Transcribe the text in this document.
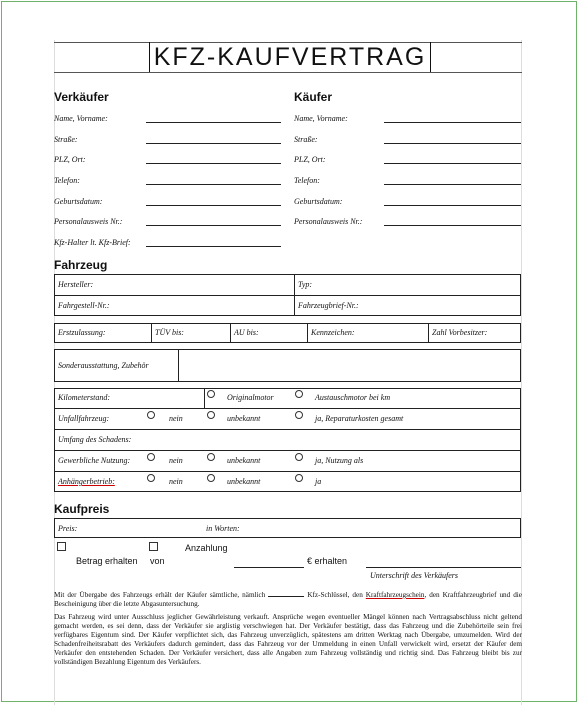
KFZ-KAUFVERTRAG
Verkäufer	Käufer
Name, Vorname:
Straße:
PLZ, Ort:
Telefon:
Geburtsdatum:
Personalausweis Nr.:
Kfz-Halter lt. Kfz-Brief:
Name, Vorname:
Straße:
PLZ, Ort:
Telefon:
Geburtsdatum:
Personalausweis Nr.:
Fahrzeug
Hersteller:	Typ:
Fahrgestell-Nr.:	Fahrzeugbrief-Nr.:
Erstzulassung:	TÜV bis:	AU bis:	Kennzeichen:	Zahl Vorbesitzer:
Sonderausstattung, Zubehör
Kilometerstand:	Originalmotor	Austauschmotor bei km
Unfallfahrzeug:	nein	unbekannt	ja, Reparaturkosten gesamt
Umfang des Schadens:
Gewerbliche Nutzung:	nein	unbekannt	ja, Nutzung als
Anhängerbetrieb:	nein	unbekannt	ja
Kaufpreis
Preis:	in Worten:
Anzahlung
Betrag erhalten von	€ erhalten
Unterschrift des Verkäufers
Mit der Übergabe des Fahrzeugs erhält der Käufer sämtliche, nämlich	Kfz-Schlüssel, den Kraftfahrzeugschein, den Kraftfahrzeugbrief und die Bescheinigung über die letzte Abgasuntersuchung.
Das Fahrzeug wird unter Ausschluss jeglicher Gewährleistung verkauft. Ansprüche wegen eventueller Mängel können nach Vertragsabschluss nicht geltend gemacht werden, es sei denn, dass der Verkäufer sie arglistig verschwiegen hat. Der Verkäufer bestätigt, dass das Fahrzeug und die Zubehörteile sein frei verfügbares Eigentum sind. Der Käufer verpflichtet sich, das Fahrzeug unverzüglich, spätestens am dritten Werktag nach Übergabe, umzumelden. Wird der Schadenfreiheitsrabatt des Verkäufers dadurch gemindert, dass das Fahrzeug vor der Ummeldung in einen Unfall verwickelt wird, ersetzt der Käufer dem Verkäufer den entstehenden Schaden. Der Verkäufer versichert, dass alle Angaben zum Fahrzeug vollständig und richtig sind. Das Fahrzeug bleibt bis zur vollständigen Bezahlung Eigentum des Verkäufers.
